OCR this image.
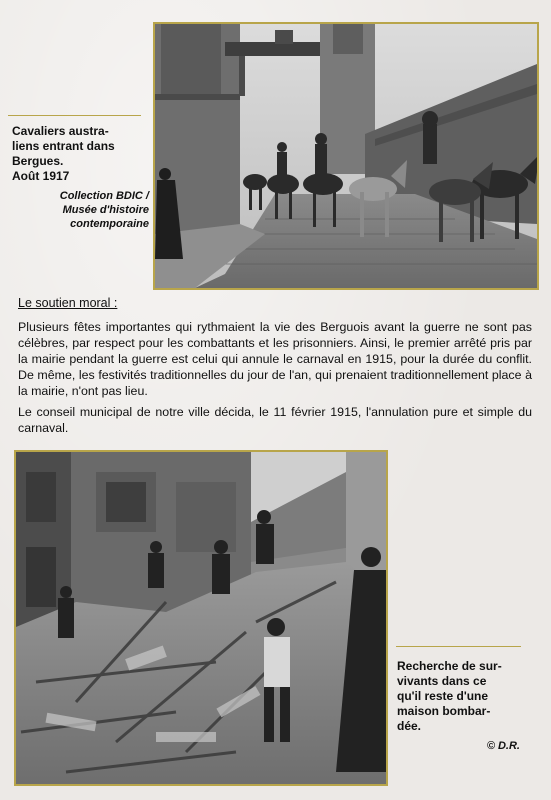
Cavaliers austra-
liens entrant dans
Bergues.
Août 1917
Collection BDIC /
Musée d'histoire
contemporaine
Le soutien moral :

Plusieurs fêtes importantes qui rythmaient la vie des Berguois avant la guerre ne sont pas célèbres, par respect pour les combattants et les prisonniers. Ainsi, le premier arrêté pris par la mairie pendant la guerre est celui qui annule le carnaval en 1915, pour la durée du conflit. De même, les festivités traditionnelles du jour de l'an, qui prenaient traditionnellement place à la mairie, n'ont pas lieu.

Le conseil municipal de notre ville décida, le 11 février 1915, l'annulation pure et simple du carnaval.

Recherche de sur-
vivants dans ce
qu'il reste d'une
maison bombar-
dée.
© D.R.
